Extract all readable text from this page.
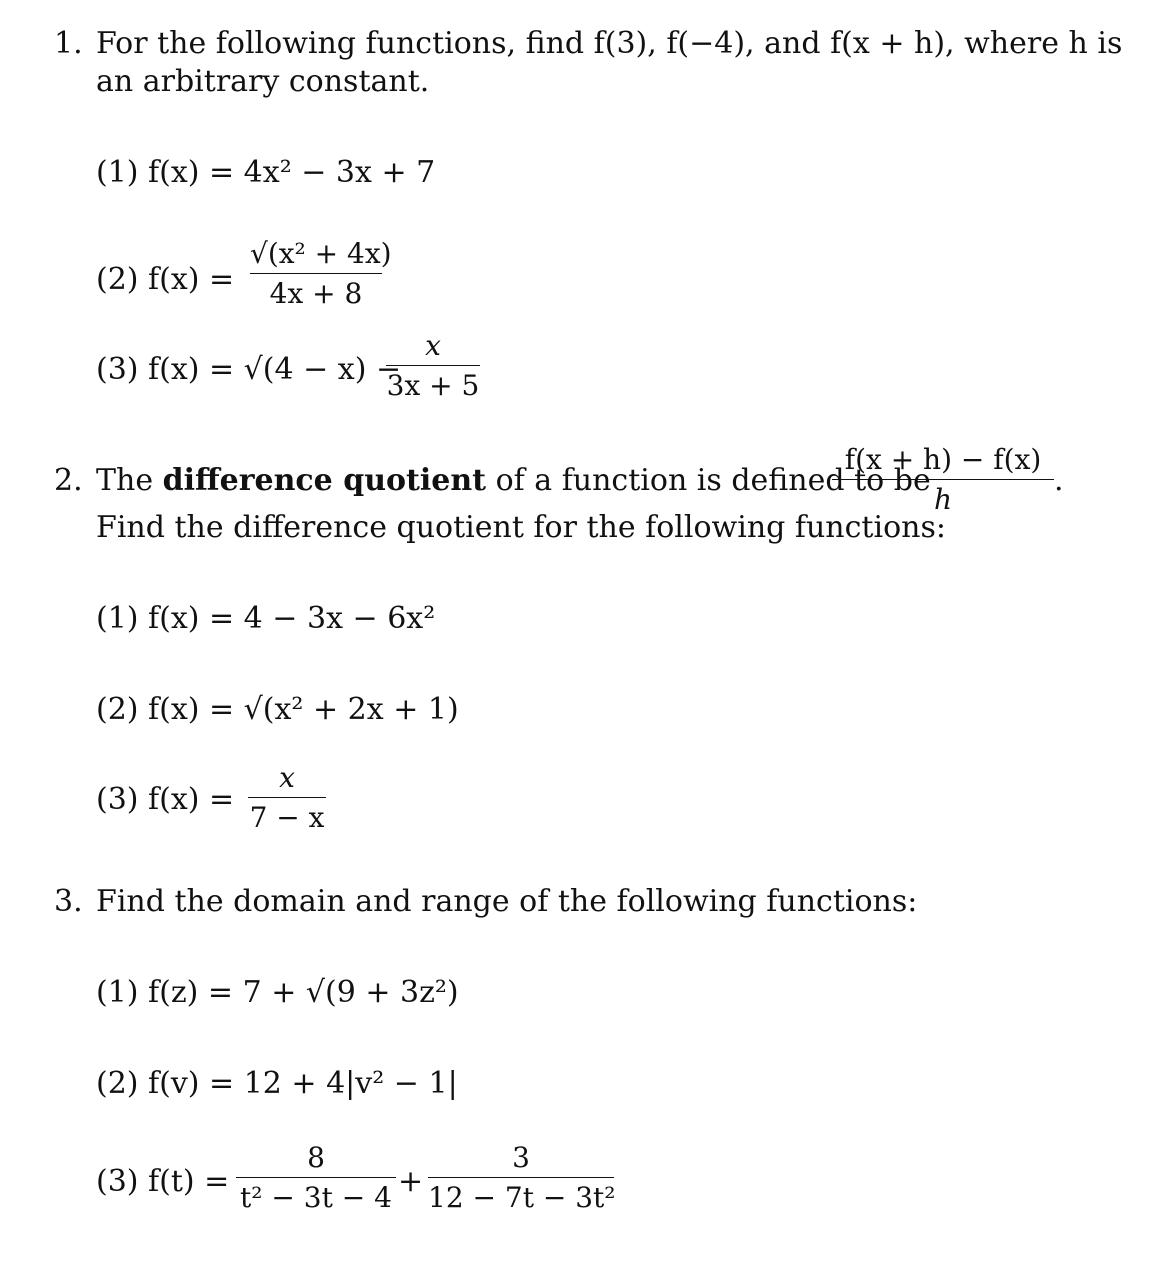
1. For the following functions, find f(3), f(−4), and f(x + h), where h is
an arbitrary constant.
(1) f(x) = 4x² − 3x + 7
(2) f(x) =
√(x² + 4x)
4x + 8
(3) f(x) = √(4 − x) −
x
3x + 5
2. The difference quotient of a function is defined to be
f(x + h) − f(x)
h
.
Find the difference quotient for the following functions:
(1) f(x) = 4 − 3x − 6x²
(2) f(x) = √(x² + 2x + 1)
(3) f(x) =
x
7 − x
3. Find the domain and range of the following functions:
(1) f(z) = 7 + √(9 + 3z²)
(2) f(v) = 12 + 4|v² − 1|
(3) f(t) =
8
t² − 3t − 4 +
3
12 − 7t − 3t²
